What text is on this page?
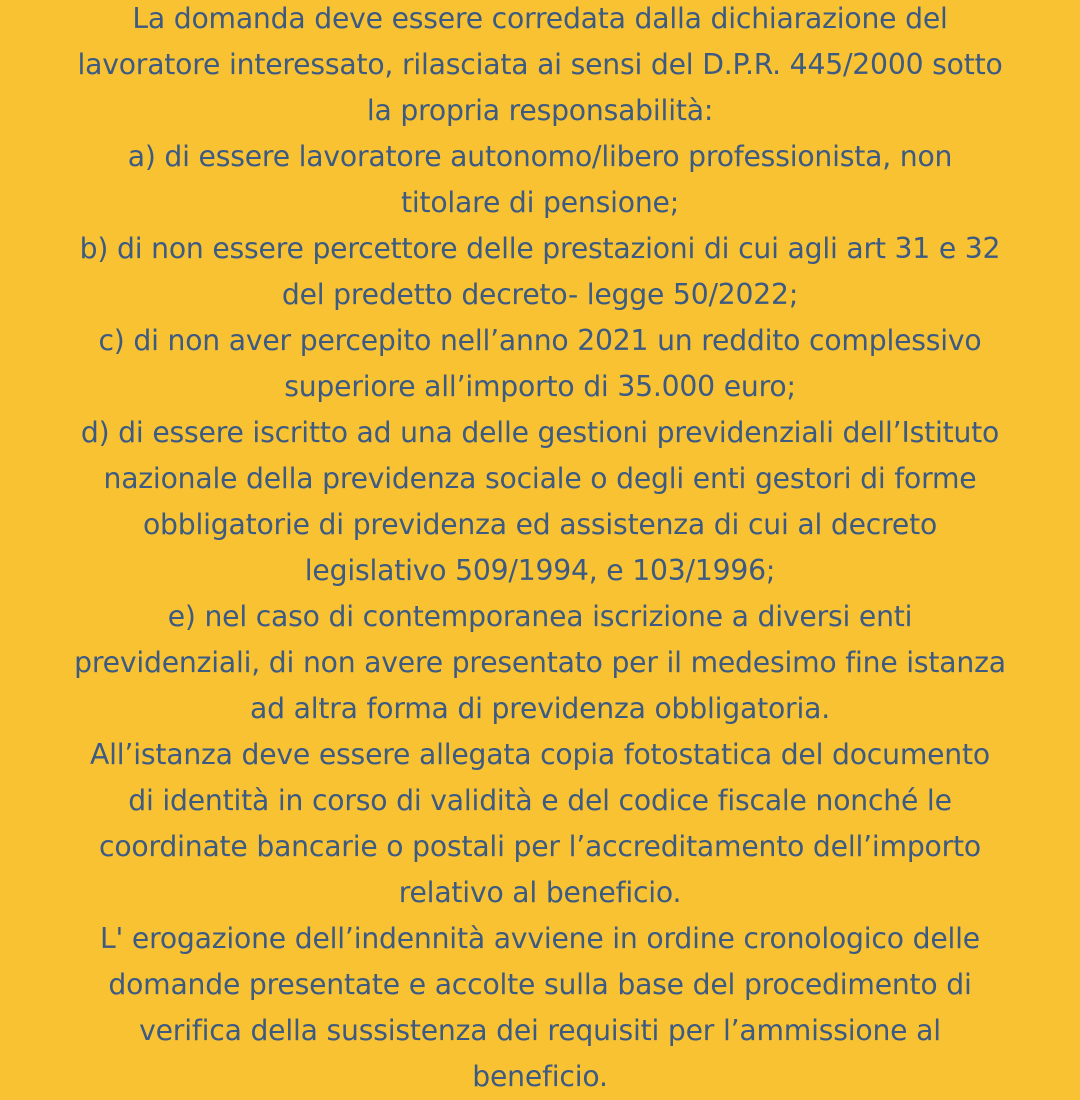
La domanda deve essere corredata dalla dichiarazione del
lavoratore interessato, rilasciata ai sensi del D.P.R. 445/2000 sotto
la propria responsabilità:
a) di essere lavoratore autonomo/libero professionista, non
titolare di pensione;
b) di non essere percettore delle prestazioni di cui agli art 31 e 32
del predetto decreto- legge 50/2022;
c) di non aver percepito nell’anno 2021 un reddito complessivo
superiore all’importo di 35.000 euro;
d) di essere iscritto ad una delle gestioni previdenziali dell’Istituto
nazionale della previdenza sociale o degli enti gestori di forme
obbligatorie di previdenza ed assistenza di cui al decreto
legislativo 509/1994, e 103/1996;
e) nel caso di contemporanea iscrizione a diversi enti
previdenziali, di non avere presentato per il medesimo fine istanza
ad altra forma di previdenza obbligatoria.
All’istanza deve essere allegata copia fotostatica del documento
di identità in corso di validità e del codice fiscale nonché le
coordinate bancarie o postali per l’accreditamento dell’importo
relativo al beneficio.
L' erogazione dell’indennità avviene in ordine cronologico delle
domande presentate e accolte sulla base del procedimento di
verifica della sussistenza dei requisiti per l’ammissione al
beneficio.
